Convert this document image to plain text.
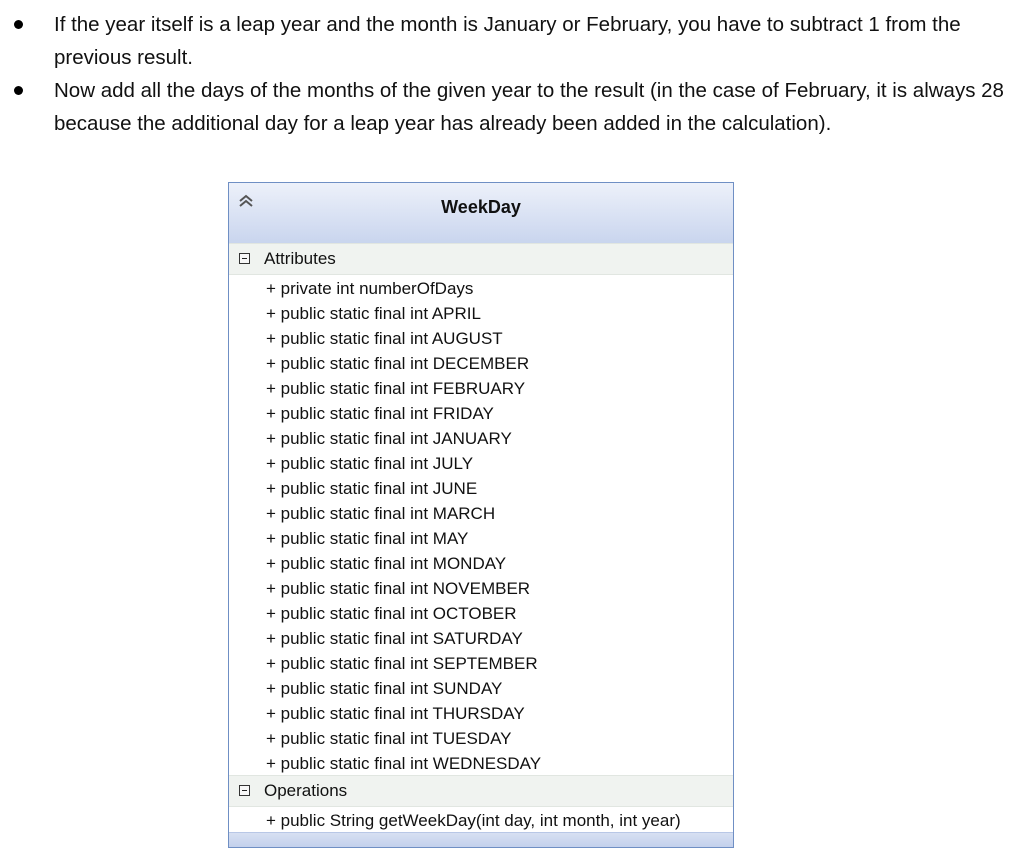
If the year itself is a leap year and the month is January or February, you have to subtract 1 from the previous result.
Now add all the days of the months of the given year to the result (in the case of February, it is always 28 because the additional day for a leap year has already been added in the calculation).
WeekDay
Attributes
+ private int numberOfDays
+ public static final int APRIL
+ public static final int AUGUST
+ public static final int DECEMBER
+ public static final int FEBRUARY
+ public static final int FRIDAY
+ public static final int JANUARY
+ public static final int JULY
+ public static final int JUNE
+ public static final int MARCH
+ public static final int MAY
+ public static final int MONDAY
+ public static final int NOVEMBER
+ public static final int OCTOBER
+ public static final int SATURDAY
+ public static final int SEPTEMBER
+ public static final int SUNDAY
+ public static final int THURSDAY
+ public static final int TUESDAY
+ public static final int WEDNESDAY
Operations
+ public String getWeekDay(int day, int month, int year)
